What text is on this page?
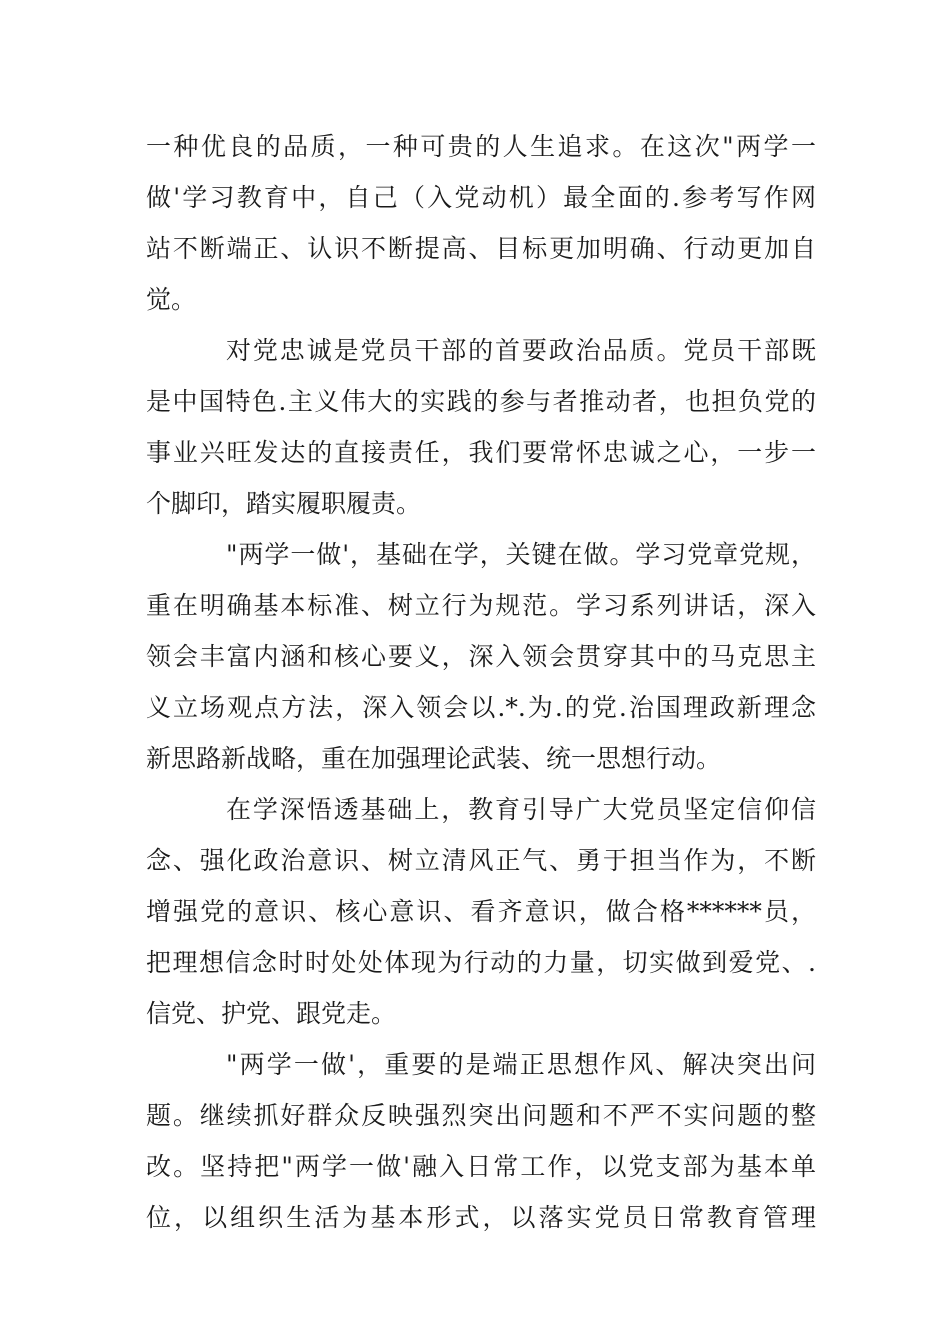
一种优良的品质，一种可贵的人生追求。在这次"两学一
做'学习教育中，自己（入党动机）最全面的.参考写作网
站不断端正、认识不断提高、目标更加明确、行动更加自
觉。
对党忠诚是党员干部的首要政治品质。党员干部既
是中国特色.主义伟大的实践的参与者推动者，也担负党的
事业兴旺发达的直接责任，我们要常怀忠诚之心，一步一
个脚印，踏实履职履责。
"两学一做'，基础在学，关键在做。学习党章党规，
重在明确基本标准、树立行为规范。学习系列讲话，深入
领会丰富内涵和核心要义，深入领会贯穿其中的马克思主
义立场观点方法，深入领会以.*.为.的党.治国理政新理念
新思路新战略，重在加强理论武装、统一思想行动。
在学深悟透基础上，教育引导广大党员坚定信仰信
念、强化政治意识、树立清风正气、勇于担当作为，不断
增强党的意识、核心意识、看齐意识，做合格******员，
把理想信念时时处处体现为行动的力量，切实做到爱党、.
信党、护党、跟党走。
"两学一做'，重要的是端正思想作风、解决突出问
题。继续抓好群众反映强烈突出问题和不严不实问题的整
改。坚持把"两学一做'融入日常工作，以党支部为基本单
位，以组织生活为基本形式，以落实党员日常教育管理
